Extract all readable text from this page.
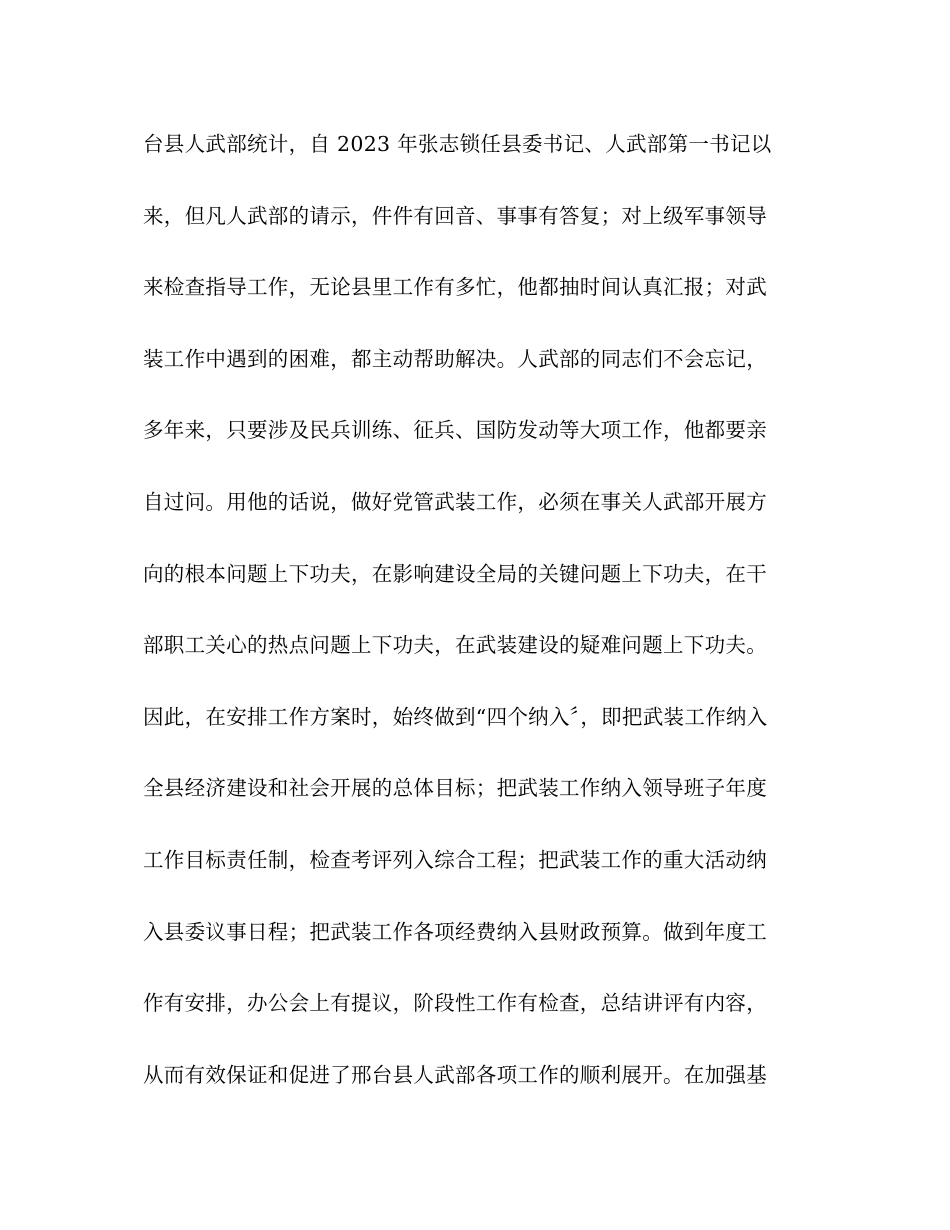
台县人武部统计，自 2023 年张志锁任县委书记、人武部第一书记以
来，但凡人武部的请示，件件有回音、事事有答复；对上级军事领导
来检查指导工作，无论县里工作有多忙，他都抽时间认真汇报；对武
装工作中遇到的困难，都主动帮助解决。人武部的同志们不会忘记，
多年来，只要涉及民兵训练、征兵、国防发动等大项工作，他都要亲
自过问。用他的话说，做好党管武装工作，必须在事关人武部开展方
向的根本问题上下功夫，在影响建设全局的关键问题上下功夫，在干
部职工关心的热点问题上下功夫，在武装建设的疑难问题上下功夫。
因此，在安排工作方案时，始终做到“四个纳入〞，即把武装工作纳入
全县经济建设和社会开展的总体目标；把武装工作纳入领导班子年度
工作目标责任制，检查考评列入综合工程；把武装工作的重大活动纳
入县委议事日程；把武装工作各项经费纳入县财政预算。做到年度工
作有安排，办公会上有提议，阶段性工作有检查，总结讲评有内容，
从而有效保证和促进了邢台县人武部各项工作的顺利展开。在加强基
